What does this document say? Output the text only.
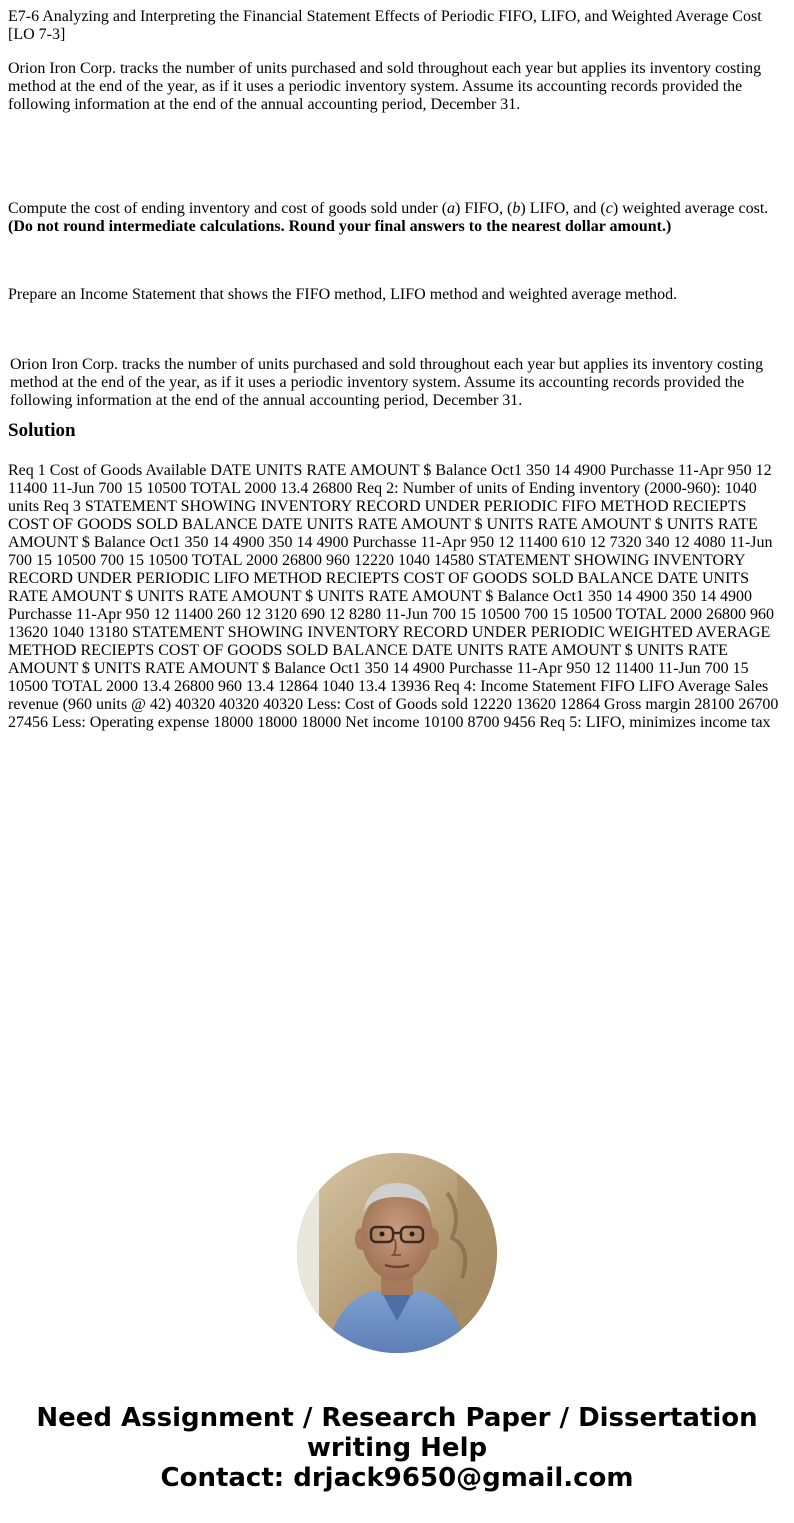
E7-6 Analyzing and Interpreting the Financial Statement Effects of Periodic FIFO, LIFO, and Weighted Average Cost [LO 7-3]

Orion Iron Corp. tracks the number of units purchased and sold throughout each year but applies its inventory costing method at the end of the year, as if it uses a periodic inventory system. Assume its accounting records provided the following information at the end of the annual accounting period, December 31.

Compute the cost of ending inventory and cost of goods sold under (a) FIFO, (b) LIFO, and (c) weighted average cost.
(Do not round intermediate calculations. Round your final answers to the nearest dollar amount.)

Prepare an Income Statement that shows the FIFO method, LIFO method and weighted average method.

Orion Iron Corp. tracks the number of units purchased and sold throughout each year but applies its inventory costing method at the end of the year, as if it uses a periodic inventory system. Assume its accounting records provided the following information at the end of the annual accounting period, December 31.

Solution

Req 1 Cost of Goods Available DATE UNITS RATE AMOUNT $ Balance Oct1 350 14 4900 Purchasse 11-Apr 950 12 11400 11-Jun 700 15 10500 TOTAL 2000 13.4 26800 Req 2: Number of units of Ending inventory (2000-960): 1040 units Req 3 STATEMENT SHOWING INVENTORY RECORD UNDER PERIODIC FIFO METHOD RECIEPTS COST OF GOODS SOLD BALANCE DATE UNITS RATE AMOUNT $ UNITS RATE AMOUNT $ UNITS RATE AMOUNT $ Balance Oct1 350 14 4900 350 14 4900 Purchasse 11-Apr 950 12 11400 610 12 7320 340 12 4080 11-Jun 700 15 10500 700 15 10500 TOTAL 2000 26800 960 12220 1040 14580 STATEMENT SHOWING INVENTORY RECORD UNDER PERIODIC LIFO METHOD RECIEPTS COST OF GOODS SOLD BALANCE DATE UNITS RATE AMOUNT $ UNITS RATE AMOUNT $ UNITS RATE AMOUNT $ Balance Oct1 350 14 4900 350 14 4900 Purchasse 11-Apr 950 12 11400 260 12 3120 690 12 8280 11-Jun 700 15 10500 700 15 10500 TOTAL 2000 26800 960 13620 1040 13180 STATEMENT SHOWING INVENTORY RECORD UNDER PERIODIC WEIGHTED AVERAGE METHOD RECIEPTS COST OF GOODS SOLD BALANCE DATE UNITS RATE AMOUNT $ UNITS RATE AMOUNT $ UNITS RATE AMOUNT $ Balance Oct1 350 14 4900 Purchasse 11-Apr 950 12 11400 11-Jun 700 15 10500 TOTAL 2000 13.4 26800 960 13.4 12864 1040 13.4 13936 Req 4: Income Statement FIFO LIFO Average Sales revenue (960 units @ 42) 40320 40320 40320 Less: Cost of Goods sold 12220 13620 12864 Gross margin 28100 26700 27456 Less: Operating expense 18000 18000 18000 Net income 10100 8700 9456 Req 5: LIFO, minimizes income tax

Need Assignment / Research Paper / Dissertation
writing Help
Contact: drjack9650@gmail.com
